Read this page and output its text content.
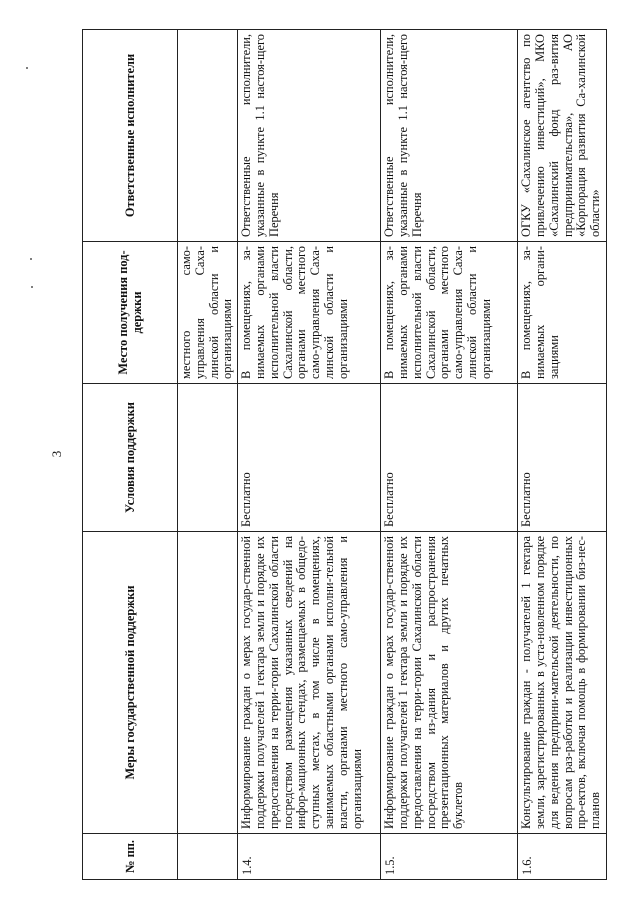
3
№ пп.	Меры государственной поддержки	Условия поддержки	Место получения под-держки	Ответственные исполнители
			местного само-управления Саха-линской области и организациями	
1.4.	Информирование граждан о мерах государ-ственной поддержки получателей 1 гектара земли и порядке их предоставления на терри-тории Сахалинской области посредством размещения указанных сведений на инфор-мационных стендах, размещаемых в общедо-ступных местах, в том числе в помещениях, занимаемых областными органами исполни-тельной власти, органами местного само-управления и организациями	Бесплатно	В помещениях, за-нимаемых органами исполнительной власти Сахалинской области, органами местного само-управления Саха-линской области и организациями	Ответственные исполнители, указанные в пункте 1.1 настоя-щего Перечня
1.5.	Информирование граждан о мерах государ-ственной поддержки получателей 1 гектара земли и порядке их предоставления на терри-тории Сахалинской области посредством из-дания и распространения презентационных материалов и других печатных буклетов	Бесплатно	В помещениях, за-нимаемых органами исполнительной власти Сахалинской области, органами местного само-управления Саха-линской области и организациями	Ответственные исполнители, указанные в пункте 1.1 настоя-щего Перечня
1.6.	Консультирование граждан - получателей 1 гектара земли, зарегистрированных в уста-новленном порядке для ведения предприни-мательской деятельности, по вопросам раз-работки и реализации инвестиционных про-ектов, включая помощь в формировании биз-нес-планов	Бесплатно	В помещениях, за-нимаемых органи-зациями	ОГКУ «Сахалинское агентство по привлечению инвестиций», МКО «Сахалинский фонд раз-вития предпринимательства», АО «Корпорация развития Са-халинской области»
